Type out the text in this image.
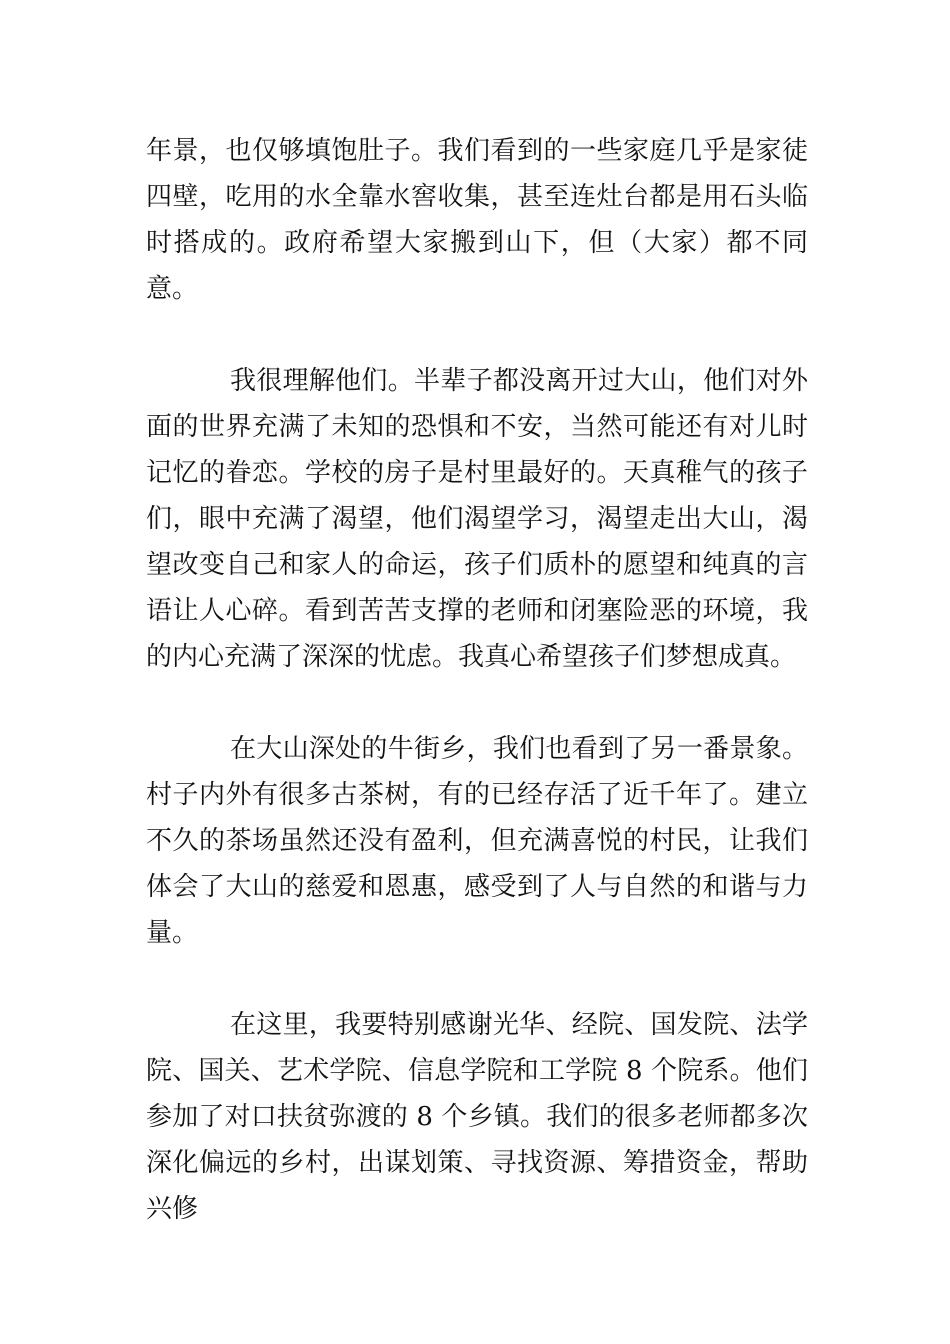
年景，也仅够填饱肚子。我们看到的一些家庭几乎是家徒四壁，吃用的水全靠水窖收集，甚至连灶台都是用石头临时搭成的。政府希望大家搬到山下，但（大家）都不同意。

我很理解他们。半辈子都没离开过大山，他们对外面的世界充满了未知的恐惧和不安，当然可能还有对儿时记忆的眷恋。学校的房子是村里最好的。天真稚气的孩子们，眼中充满了渴望，他们渴望学习，渴望走出大山，渴望改变自己和家人的命运，孩子们质朴的愿望和纯真的言语让人心碎。看到苦苦支撑的老师和闭塞险恶的环境，我的内心充满了深深的忧虑。我真心希望孩子们梦想成真。

在大山深处的牛街乡，我们也看到了另一番景象。村子内外有很多古茶树，有的已经存活了近千年了。建立不久的茶场虽然还没有盈利，但充满喜悦的村民，让我们体会了大山的慈爱和恩惠，感受到了人与自然的和谐与力量。

在这里，我要特别感谢光华、经院、国发院、法学院、国关、艺术学院、信息学院和工学院 8 个院系。他们参加了对口扶贫弥渡的 8 个乡镇。我们的很多老师都多次深化偏远的乡村，出谋划策、寻找资源、筹措资金，帮助兴修
